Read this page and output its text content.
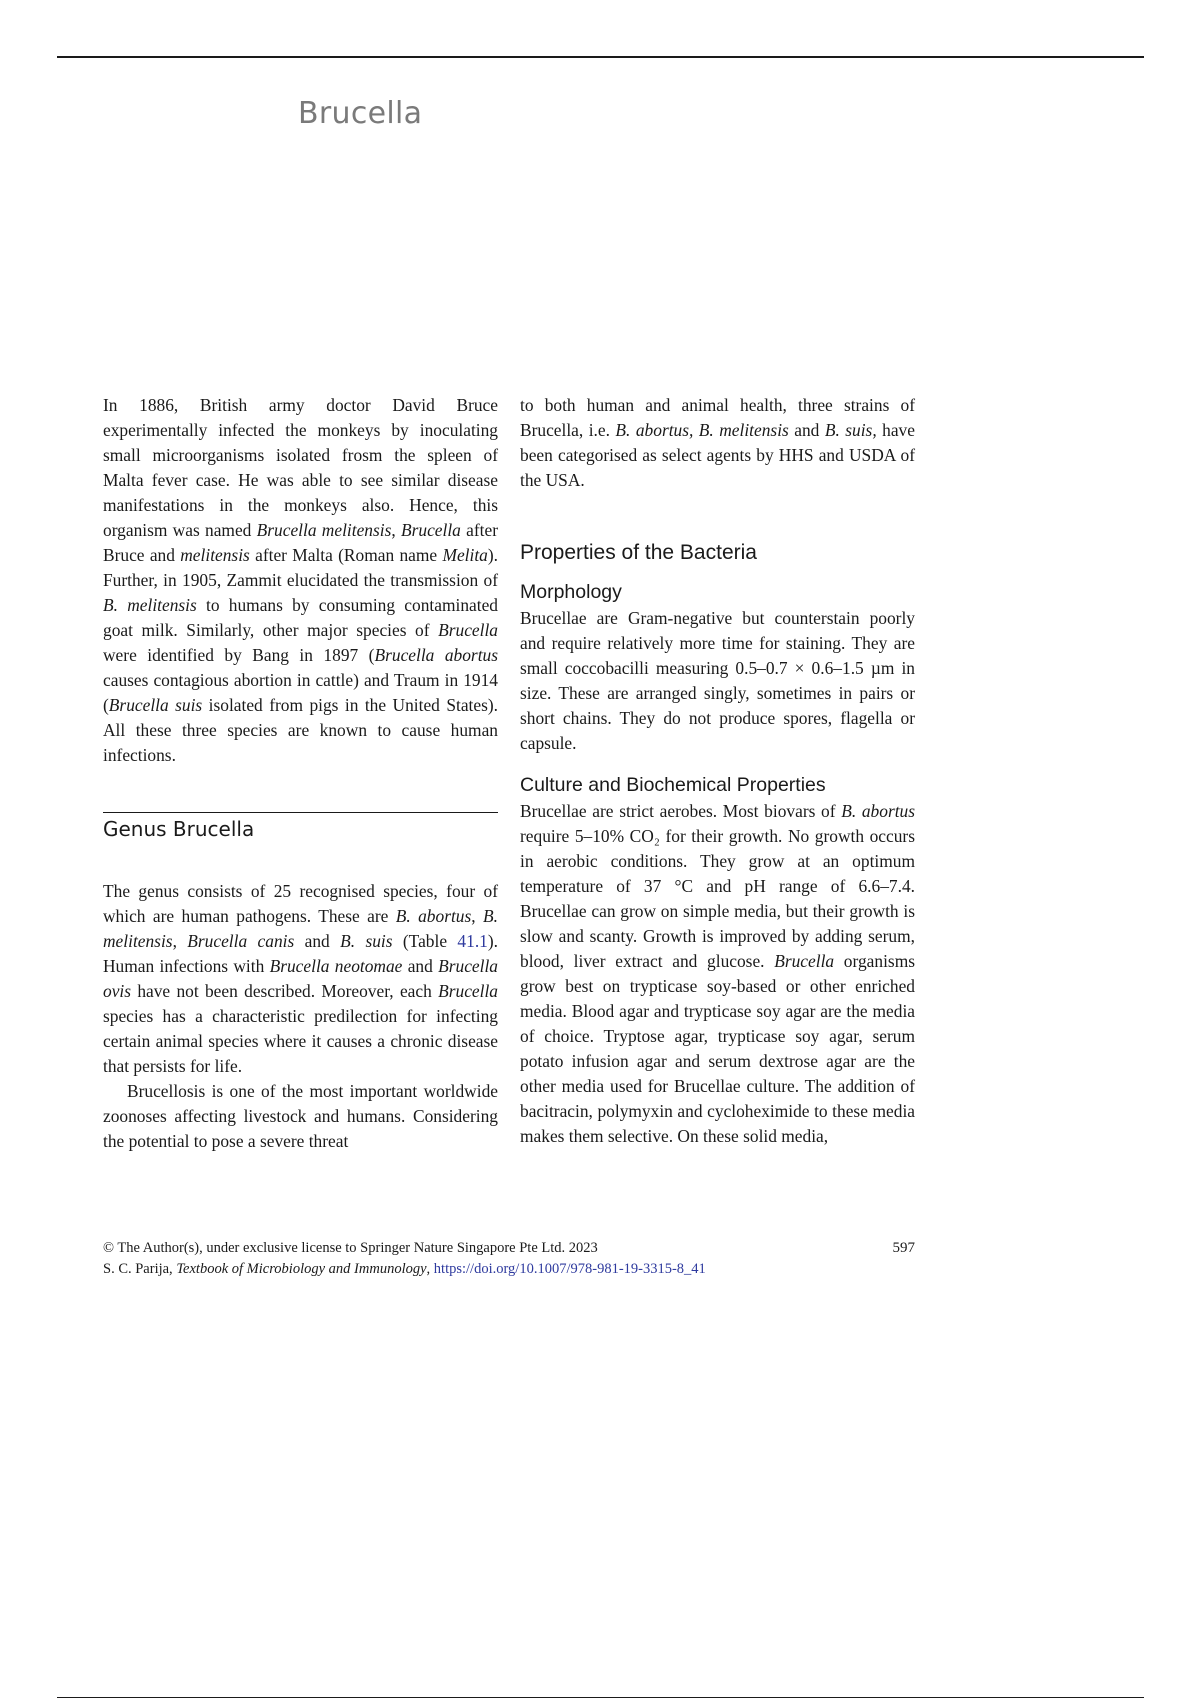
Brucella

In 1886, British army doctor David Bruce experimentally infected the monkeys by inoculating small microorganisms isolated frosm the spleen of Malta fever case. He was able to see similar disease manifestations in the monkeys also. Hence, this organism was named Brucella melitensis, Brucella after Bruce and melitensis after Malta (Roman name Melita). Further, in 1905, Zammit elucidated the transmission of B. melitensis to humans by consuming contaminated goat milk. Similarly, other major species of Brucella were identified by Bang in 1897 (Brucella abortus causes contagious abortion in cattle) and Traum in 1914 (Brucella suis isolated from pigs in the United States). All these three species are known to cause human infections.

Genus Brucella

The genus consists of 25 recognised species, four of which are human pathogens. These are B. abortus, B. melitensis, Brucella canis and B. suis (Table 41.1). Human infections with Brucella neotomae and Brucella ovis have not been described. Moreover, each Brucella species has a characteristic predilection for infecting certain animal species where it causes a chronic disease that persists for life.

Brucellosis is one of the most important worldwide zoonoses affecting livestock and humans. Considering the potential to pose a severe threat

to both human and animal health, three strains of Brucella, i.e. B. abortus, B. melitensis and B. suis, have been categorised as select agents by HHS and USDA of the USA.

Properties of the Bacteria
Morphology

Brucellae are Gram-negative but counterstain poorly and require relatively more time for staining. They are small coccobacilli measuring 0.5–0.7 × 0.6–1.5 µm in size. These are arranged singly, sometimes in pairs or short chains. They do not produce spores, flagella or capsule.

Culture and Biochemical Properties

Brucellae are strict aerobes. Most biovars of B. abortus require 5–10% CO₂ for their growth. No growth occurs in aerobic conditions. They grow at an optimum temperature of 37 °C and pH range of 6.6–7.4. Brucellae can grow on simple media, but their growth is slow and scanty. Growth is improved by adding serum, blood, liver extract and glucose. Brucella organisms grow best on trypticase soy-based or other enriched media. Blood agar and trypticase soy agar are the media of choice. Tryptose agar, trypticase soy agar, serum potato infusion agar and serum dextrose agar are the other media used for Brucellae culture. The addition of bacitracin, polymyxin and cycloheximide to these media makes them selective. On these solid media,

© The Author(s), under exclusive license to Springer Nature Singapore Pte Ltd. 2023	597
S. C. Parija, Textbook of Microbiology and Immunology, https://doi.org/10.1007/978-981-19-3315-8_41
